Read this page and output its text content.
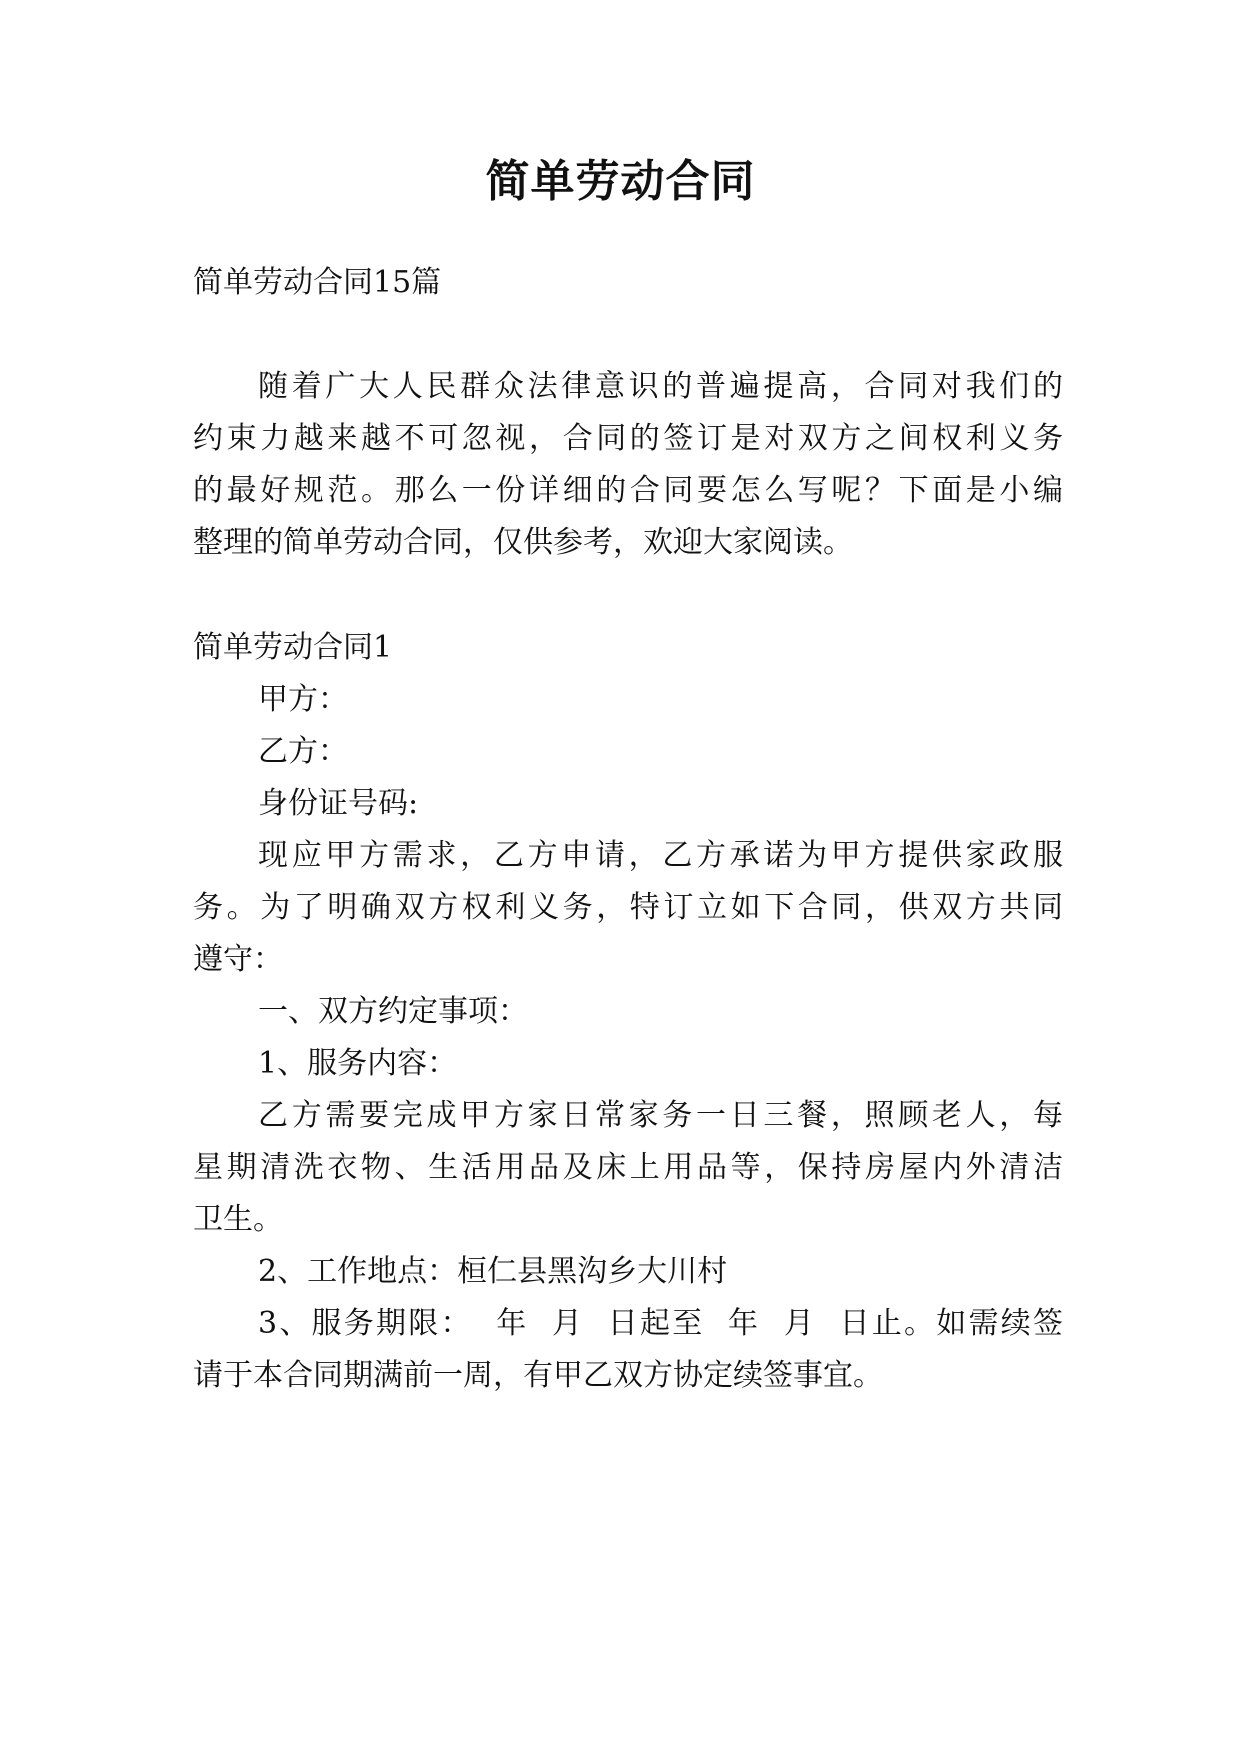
简单劳动合同
简单劳动合同15篇
随着广大人民群众法律意识的普遍提高，合同对我们的
约束力越来越不可忽视，合同的签订是对双方之间权利义务
的最好规范。那么一份详细的合同要怎么写呢？下面是小编
整理的简单劳动合同，仅供参考，欢迎大家阅读。
简单劳动合同1
甲方：
乙方：
身份证号码:
现应甲方需求，乙方申请，乙方承诺为甲方提供家政服
务。为了明确双方权利义务，特订立如下合同，供双方共同
遵守：
一、双方约定事项：
1、服务内容：
乙方需要完成甲方家日常家务一日三餐，照顾老人，每
星期清洗衣物、生活用品及床上用品等，保持房屋内外清洁
卫生。
2、工作地点：桓仁县黑沟乡大川村
3、服务期限：  年  月  日起至  年  月  日止。如需续签
请于本合同期满前一周，有甲乙双方协定续签事宜。
